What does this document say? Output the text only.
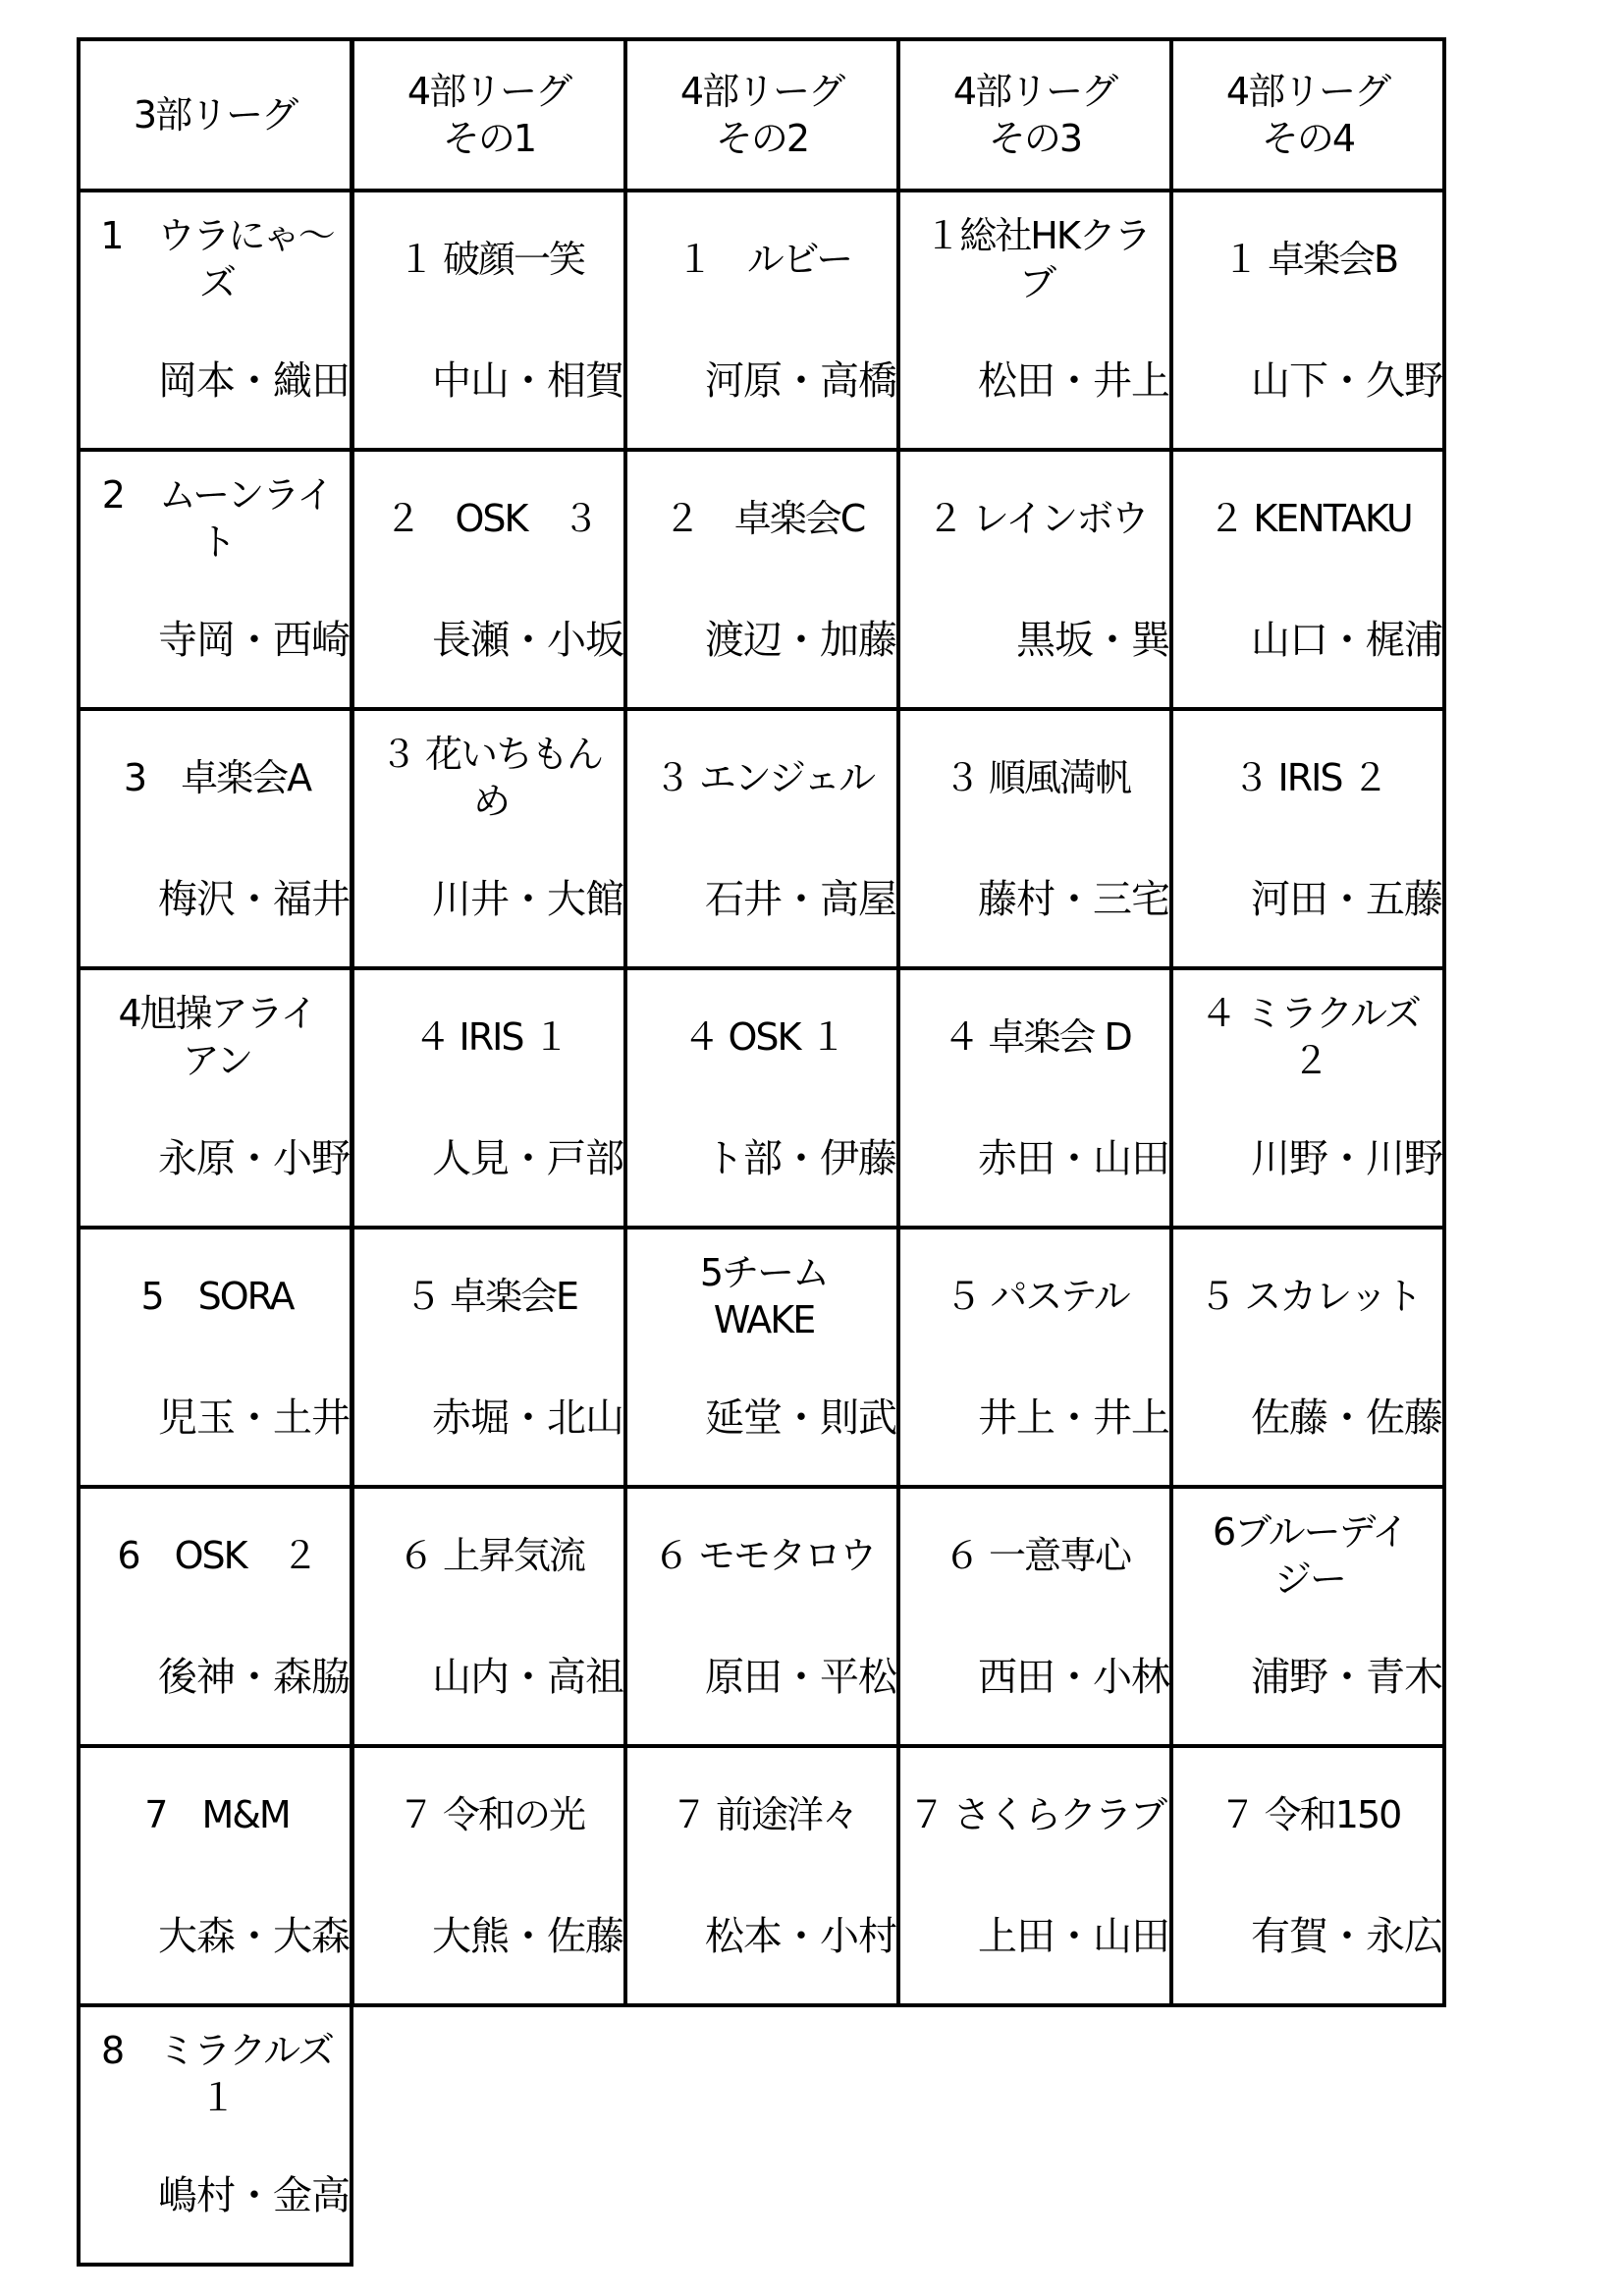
3部リーグ
4部リーグ
その1
4部リーグ
その2
4部リーグ
その3
4部リーグ
その4
1　ウラにゃ～
ズ
岡本・織田
１ 破顔一笑
中山・相賀
１　ルビー
河原・高橋
１総社HKクラ
ブ
松田・井上
１ 卓楽会B
山下・久野
2　ムーンライ
ト
寺岡・西崎
２　OSK　３
長瀬・小坂
２　卓楽会C
渡辺・加藤
２ レインボウ
黒坂・巽
２ KENTAKU
山口・梶浦
3　卓楽会A
梅沢・福井
３ 花いちもん
め
川井・大館
３ エンジェル
石井・高屋
３ 順風満帆
藤村・三宅
３ IRIS ２
河田・五藤
4旭操アライ
アン
永原・小野
４ IRIS １
人見・戸部
４ OSK １
ト部・伊藤
４ 卓楽会 D
赤田・山田
４ ミラクルズ
２
川野・川野
5　SORA
児玉・土井
５ 卓楽会E
赤堀・北山
5チーム
WAKE
延堂・則武
５ パステル
井上・井上
５ スカレット
佐藤・佐藤
6　OSK　２
後神・森脇
６ 上昇気流
山内・高祖
６ モモタロウ
原田・平松
６ 一意専心
西田・小林
6ブルーデイ
ジー
浦野・青木
7　M&M
大森・大森
７ 令和の光
大熊・佐藤
７ 前途洋々
松本・小村
７ さくらクラブ
上田・山田
７ 令和150
有賀・永広
8　ミラクルズ
１
嶋村・金高
